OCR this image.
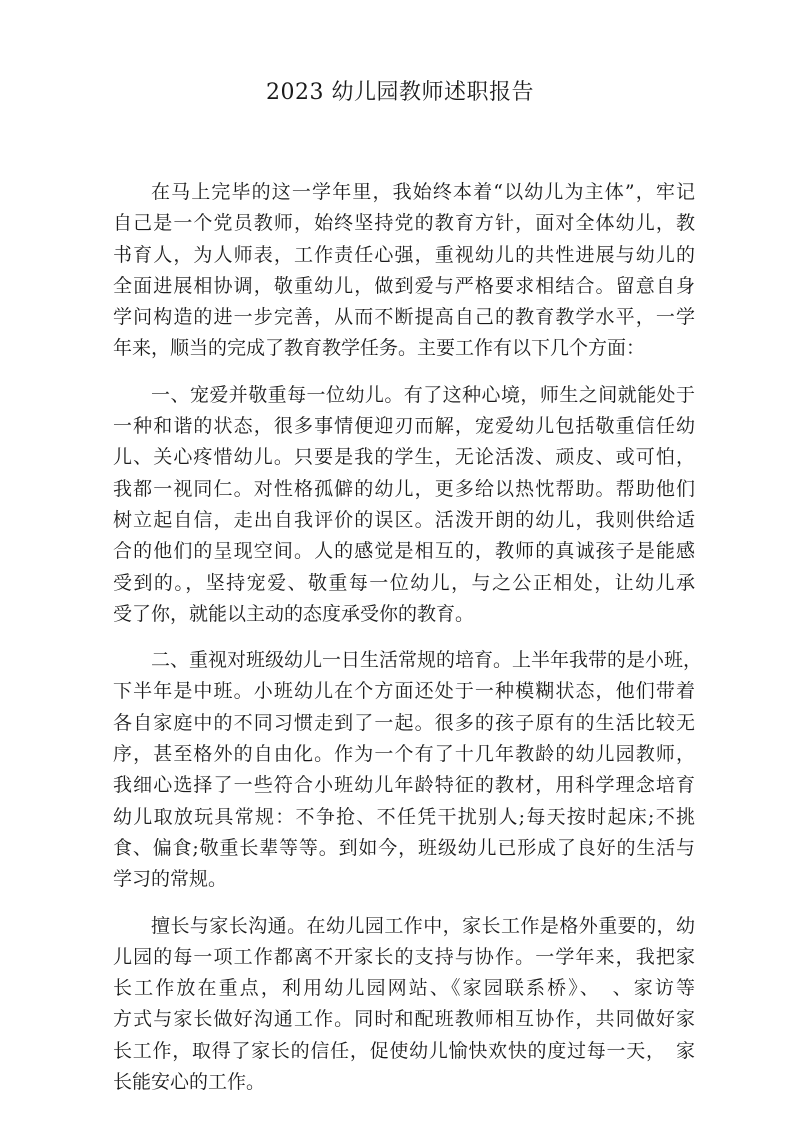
2023 幼儿园教师述职报告
在马上完毕的这一学年里，我始终本着“以幼儿为主体”，牢记
自己是一个党员教师，始终坚持党的教育方针，面对全体幼儿，教
书育人，为人师表，工作责任心强，重视幼儿的共性进展与幼儿的
全面进展相协调，敬重幼儿，做到爱与严格要求相结合。留意自身
学问构造的进一步完善，从而不断提高自己的教育教学水平，一学
年来，顺当的完成了教育教学任务。主要工作有以下几个方面：
一、宠爱并敬重每一位幼儿。有了这种心境，师生之间就能处于
一种和谐的状态，很多事情便迎刃而解，宠爱幼儿包括敬重信任幼
儿、关心疼惜幼儿。只要是我的学生，无论活泼、顽皮、或可怕，
我都一视同仁。对性格孤僻的幼儿，更多给以热忱帮助。帮助他们
树立起自信，走出自我评价的误区。活泼开朗的幼儿，我则供给适
合的他们的呈现空间。人的感觉是相互的，教师的真诚孩子是能感
受到的。，坚持宠爱、敬重每一位幼儿，与之公正相处，让幼儿承
受了你，就能以主动的态度承受你的教育。
二、重视对班级幼儿一日生活常规的培育。上半年我带的是小班，
下半年是中班。小班幼儿在个方面还处于一种模糊状态，他们带着
各自家庭中的不同习惯走到了一起。很多的孩子原有的生活比较无
序，甚至格外的自由化。作为一个有了十几年教龄的幼儿园教师，
我细心选择了一些符合小班幼儿年龄特征的教材，用科学理念培育
幼儿取放玩具常规：不争抢、不任凭干扰别人;每天按时起床;不挑
食、偏食;敬重长辈等等。到如今，班级幼儿已形成了良好的生活与
学习的常规。
擅长与家长沟通。在幼儿园工作中，家长工作是格外重要的，幼
儿园的每一项工作都离不开家长的支持与协作。一学年来，我把家
长工作放在重点，利用幼儿园网站、《家园联系桥》、　、家访等
方式与家长做好沟通工作。同时和配班教师相互协作，共同做好家
长工作，取得了家长的信任，促使幼儿愉快欢快的度过每一天，　家
长能安心的工作。
